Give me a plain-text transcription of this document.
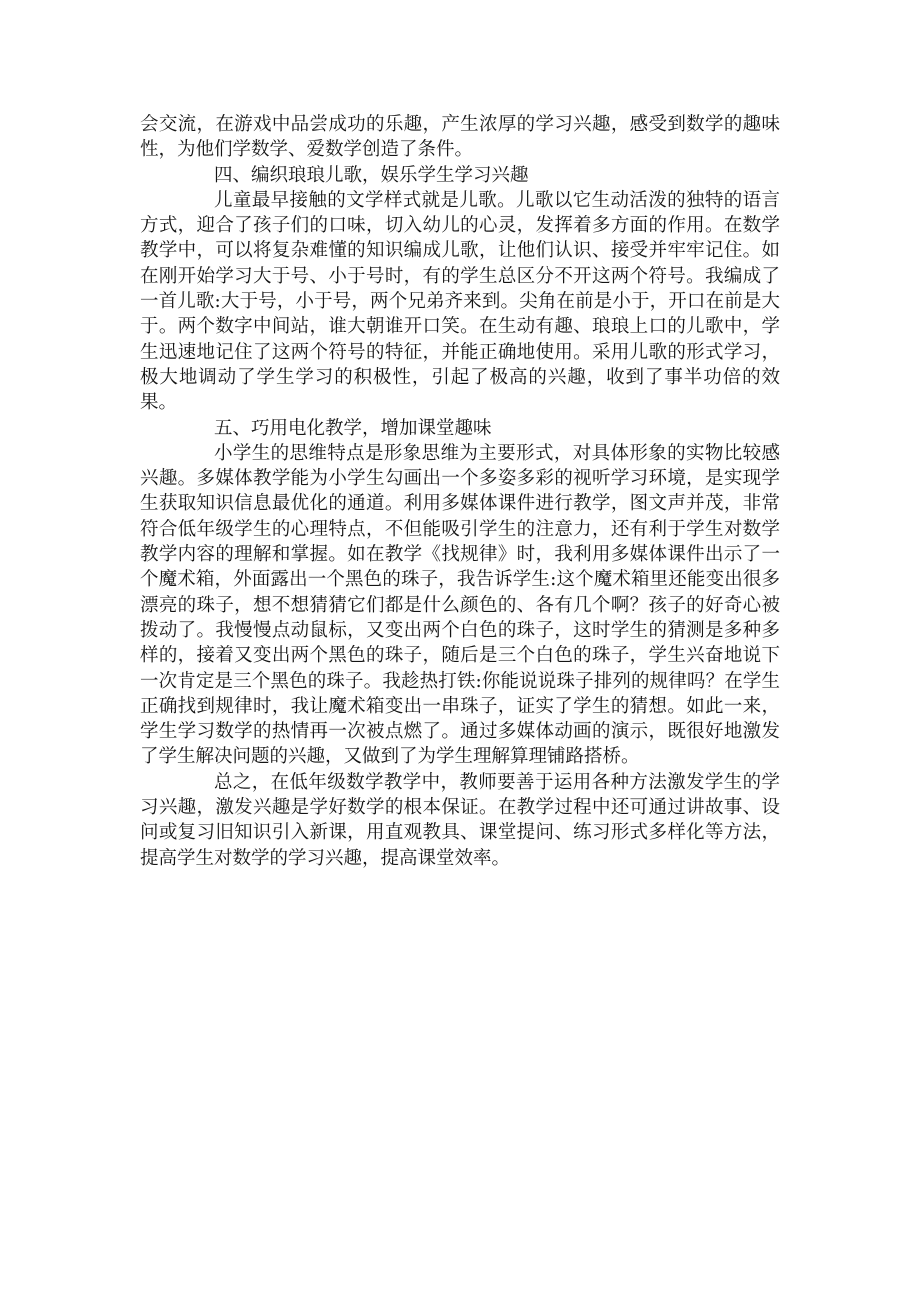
会交流，在游戏中品尝成功的乐趣，产生浓厚的学习兴趣，感受到数学的趣味性，为他们学数学、爱数学创造了条件。

四、编织琅琅儿歌，娱乐学生学习兴趣

儿童最早接触的文学样式就是儿歌。儿歌以它生动活泼的独特的语言方式，迎合了孩子们的口味，切入幼儿的心灵，发挥着多方面的作用。在数学教学中，可以将复杂难懂的知识编成儿歌，让他们认识、接受并牢牢记住。如在刚开始学习大于号、小于号时，有的学生总区分不开这两个符号。我编成了一首儿歌:大于号，小于号，两个兄弟齐来到。尖角在前是小于，开口在前是大于。两个数字中间站，谁大朝谁开口笑。在生动有趣、琅琅上口的儿歌中，学生迅速地记住了这两个符号的特征，并能正确地使用。采用儿歌的形式学习，极大地调动了学生学习的积极性，引起了极高的兴趣，收到了事半功倍的效果。

五、巧用电化教学，增加课堂趣味

小学生的思维特点是形象思维为主要形式，对具体形象的实物比较感兴趣。多媒体教学能为小学生勾画出一个多姿多彩的视听学习环境，是实现学生获取知识信息最优化的通道。利用多媒体课件进行教学，图文声并茂，非常符合低年级学生的心理特点，不但能吸引学生的注意力，还有利于学生对数学教学内容的理解和掌握。如在教学《找规律》时，我利用多媒体课件出示了一个魔术箱，外面露出一个黑色的珠子，我告诉学生:这个魔术箱里还能变出很多漂亮的珠子，想不想猜猜它们都是什么颜色的、各有几个啊？孩子的好奇心被拨动了。我慢慢点动鼠标，又变出两个白色的珠子，这时学生的猜测是多种多样的，接着又变出两个黑色的珠子，随后是三个白色的珠子，学生兴奋地说下一次肯定是三个黑色的珠子。我趁热打铁:你能说说珠子排列的规律吗？在学生正确找到规律时，我让魔术箱变出一串珠子，证实了学生的猜想。如此一来，学生学习数学的热情再一次被点燃了。通过多媒体动画的演示，既很好地激发了学生解决问题的兴趣，又做到了为学生理解算理铺路搭桥。

总之，在低年级数学教学中，教师要善于运用各种方法激发学生的学习兴趣，激发兴趣是学好数学的根本保证。在教学过程中还可通过讲故事、设问或复习旧知识引入新课，用直观教具、课堂提问、练习形式多样化等方法，提高学生对数学的学习兴趣，提高课堂效率。
